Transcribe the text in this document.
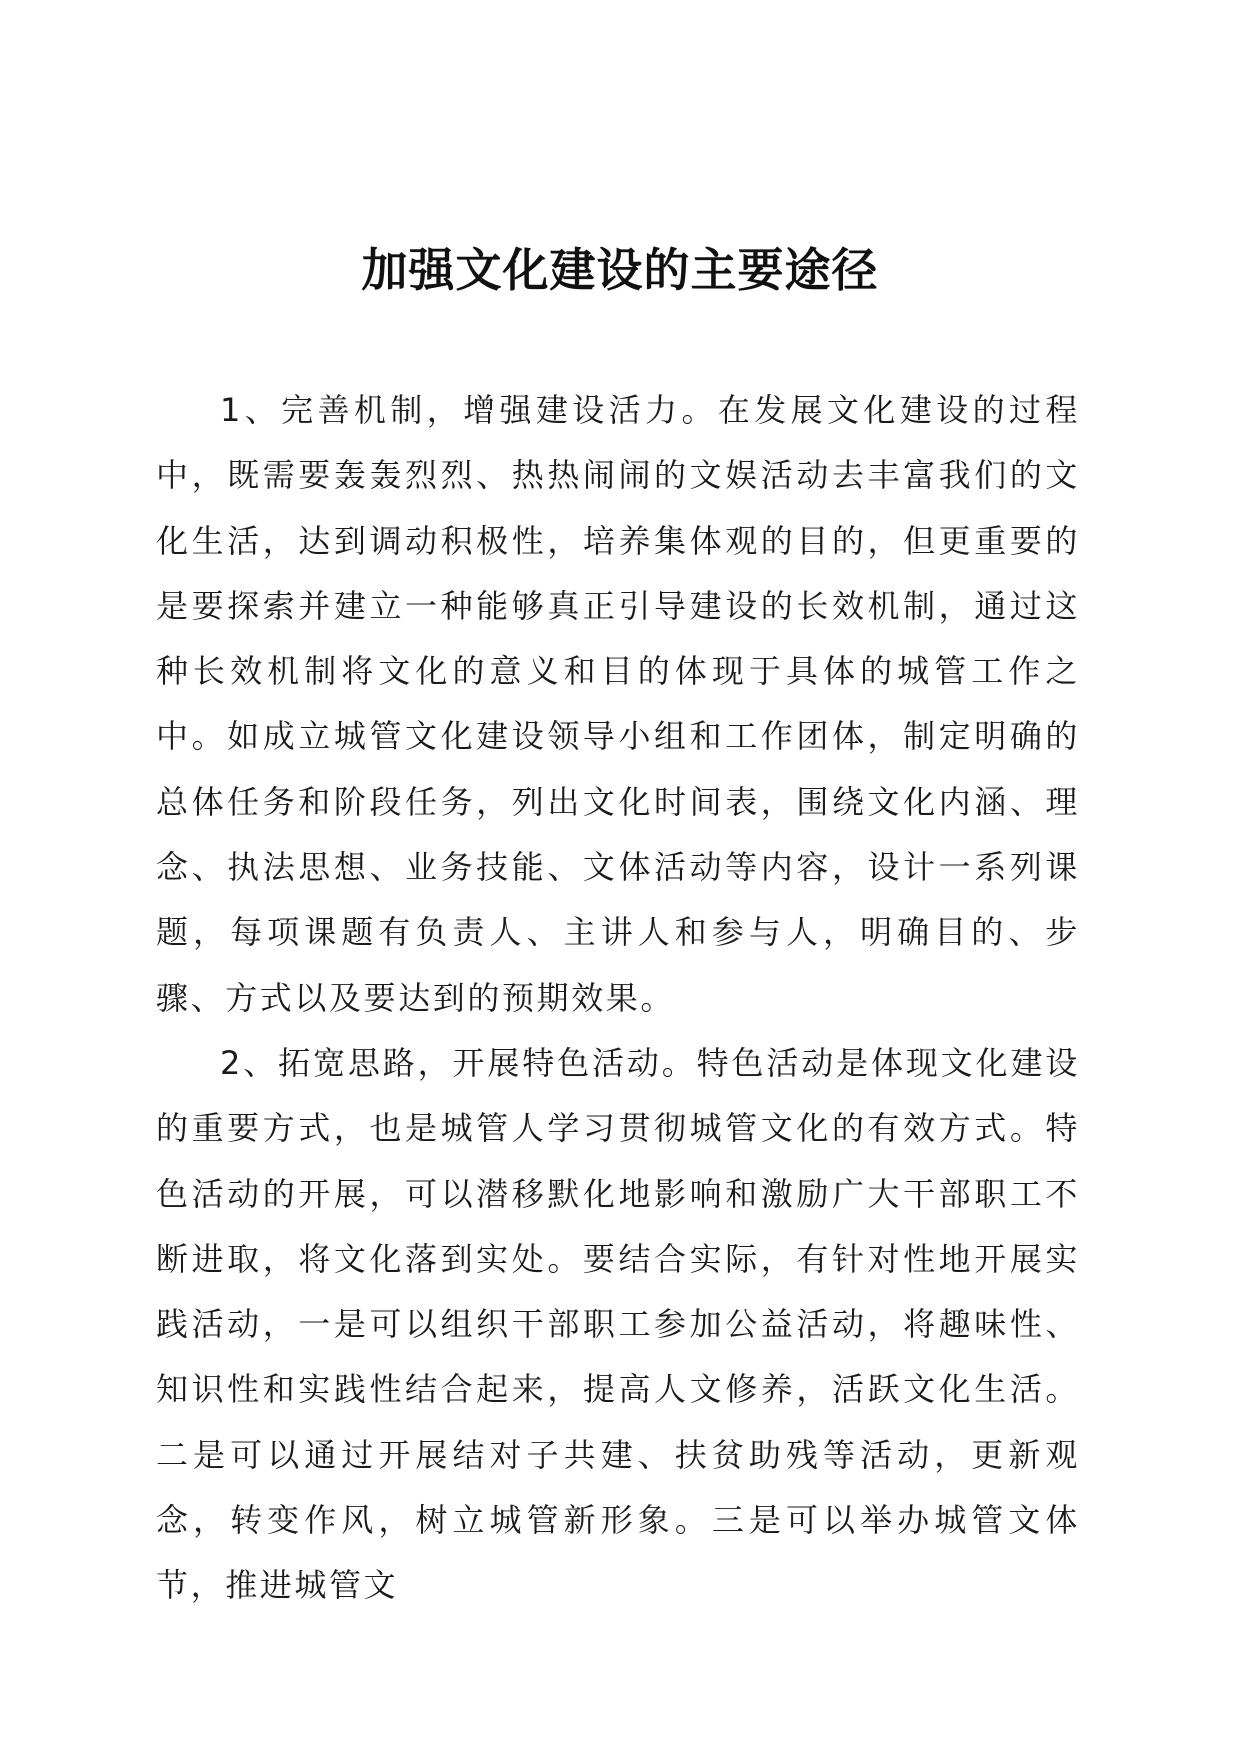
加强文化建设的主要途径

1、完善机制，增强建设活力。在发展文化建设的过程中，既需要轰轰烈烈、热热闹闹的文娱活动去丰富我们的文化生活，达到调动积极性，培养集体观的目的，但更重要的是要探索并建立一种能够真正引导建设的长效机制，通过这种长效机制将文化的意义和目的体现于具体的城管工作之中。如成立城管文化建设领导小组和工作团体，制定明确的总体任务和阶段任务，列出文化时间表，围绕文化内涵、理念、执法思想、业务技能、文体活动等内容，设计一系列课题，每项课题有负责人、主讲人和参与人，明确目的、步骤、方式以及要达到的预期效果。

2、拓宽思路，开展特色活动。特色活动是体现文化建设的重要方式，也是城管人学习贯彻城管文化的有效方式。特色活动的开展，可以潜移默化地影响和激励广大干部职工不断进取，将文化落到实处。要结合实际，有针对性地开展实践活动，一是可以组织干部职工参加公益活动，将趣味性、知识性和实践性结合起来，提高人文修养，活跃文化生活。二是可以通过开展结对子共建、扶贫助残等活动，更新观念，转变作风，树立城管新形象。三是可以举办城管文体节，推进城管文
